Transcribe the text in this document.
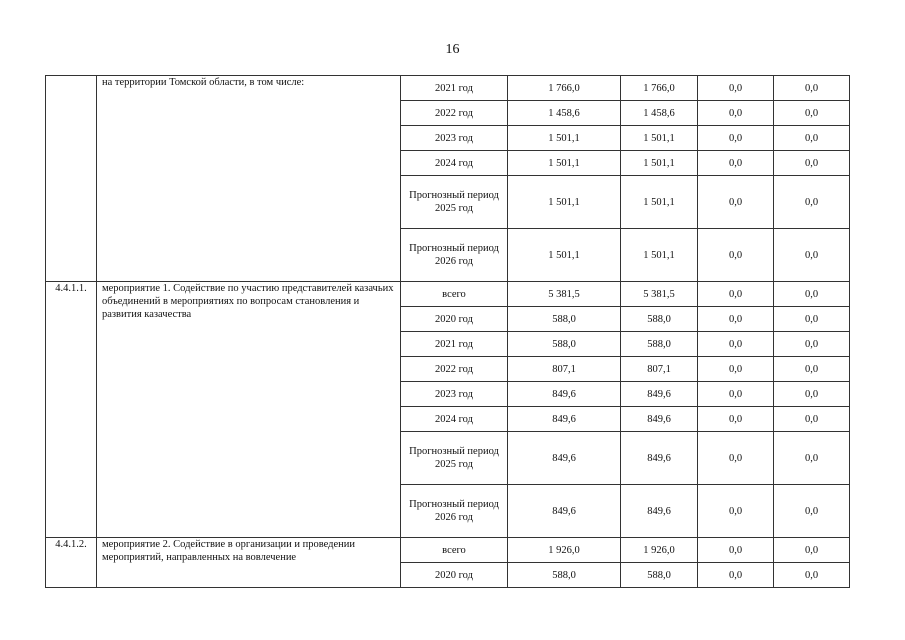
16
	на территории Томской области, в том числе:	2021 год	1 766,0	1 766,0	0,0	0,0
		2022 год	1 458,6	1 458,6	0,0	0,0
		2023 год	1 501,1	1 501,1	0,0	0,0
		2024 год	1 501,1	1 501,1	0,0	0,0
		Прогнозный период 2025 год	1 501,1	1 501,1	0,0	0,0
		Прогнозный период 2026 год	1 501,1	1 501,1	0,0	0,0
4.4.1.1.	мероприятие 1. Содействие по участию представителей казачьих объединений в мероприятиях по вопросам становления и развития казачества	всего	5 381,5	5 381,5	0,0	0,0
		2020 год	588,0	588,0	0,0	0,0
		2021 год	588,0	588,0	0,0	0,0
		2022 год	807,1	807,1	0,0	0,0
		2023 год	849,6	849,6	0,0	0,0
		2024 год	849,6	849,6	0,0	0,0
		Прогнозный период 2025 год	849,6	849,6	0,0	0,0
		Прогнозный период 2026 год	849,6	849,6	0,0	0,0
4.4.1.2.	мероприятие 2. Содействие в организации и проведении мероприятий, направленных на вовлечение	всего	1 926,0	1 926,0	0,0	0,0
		2020 год	588,0	588,0	0,0	0,0
